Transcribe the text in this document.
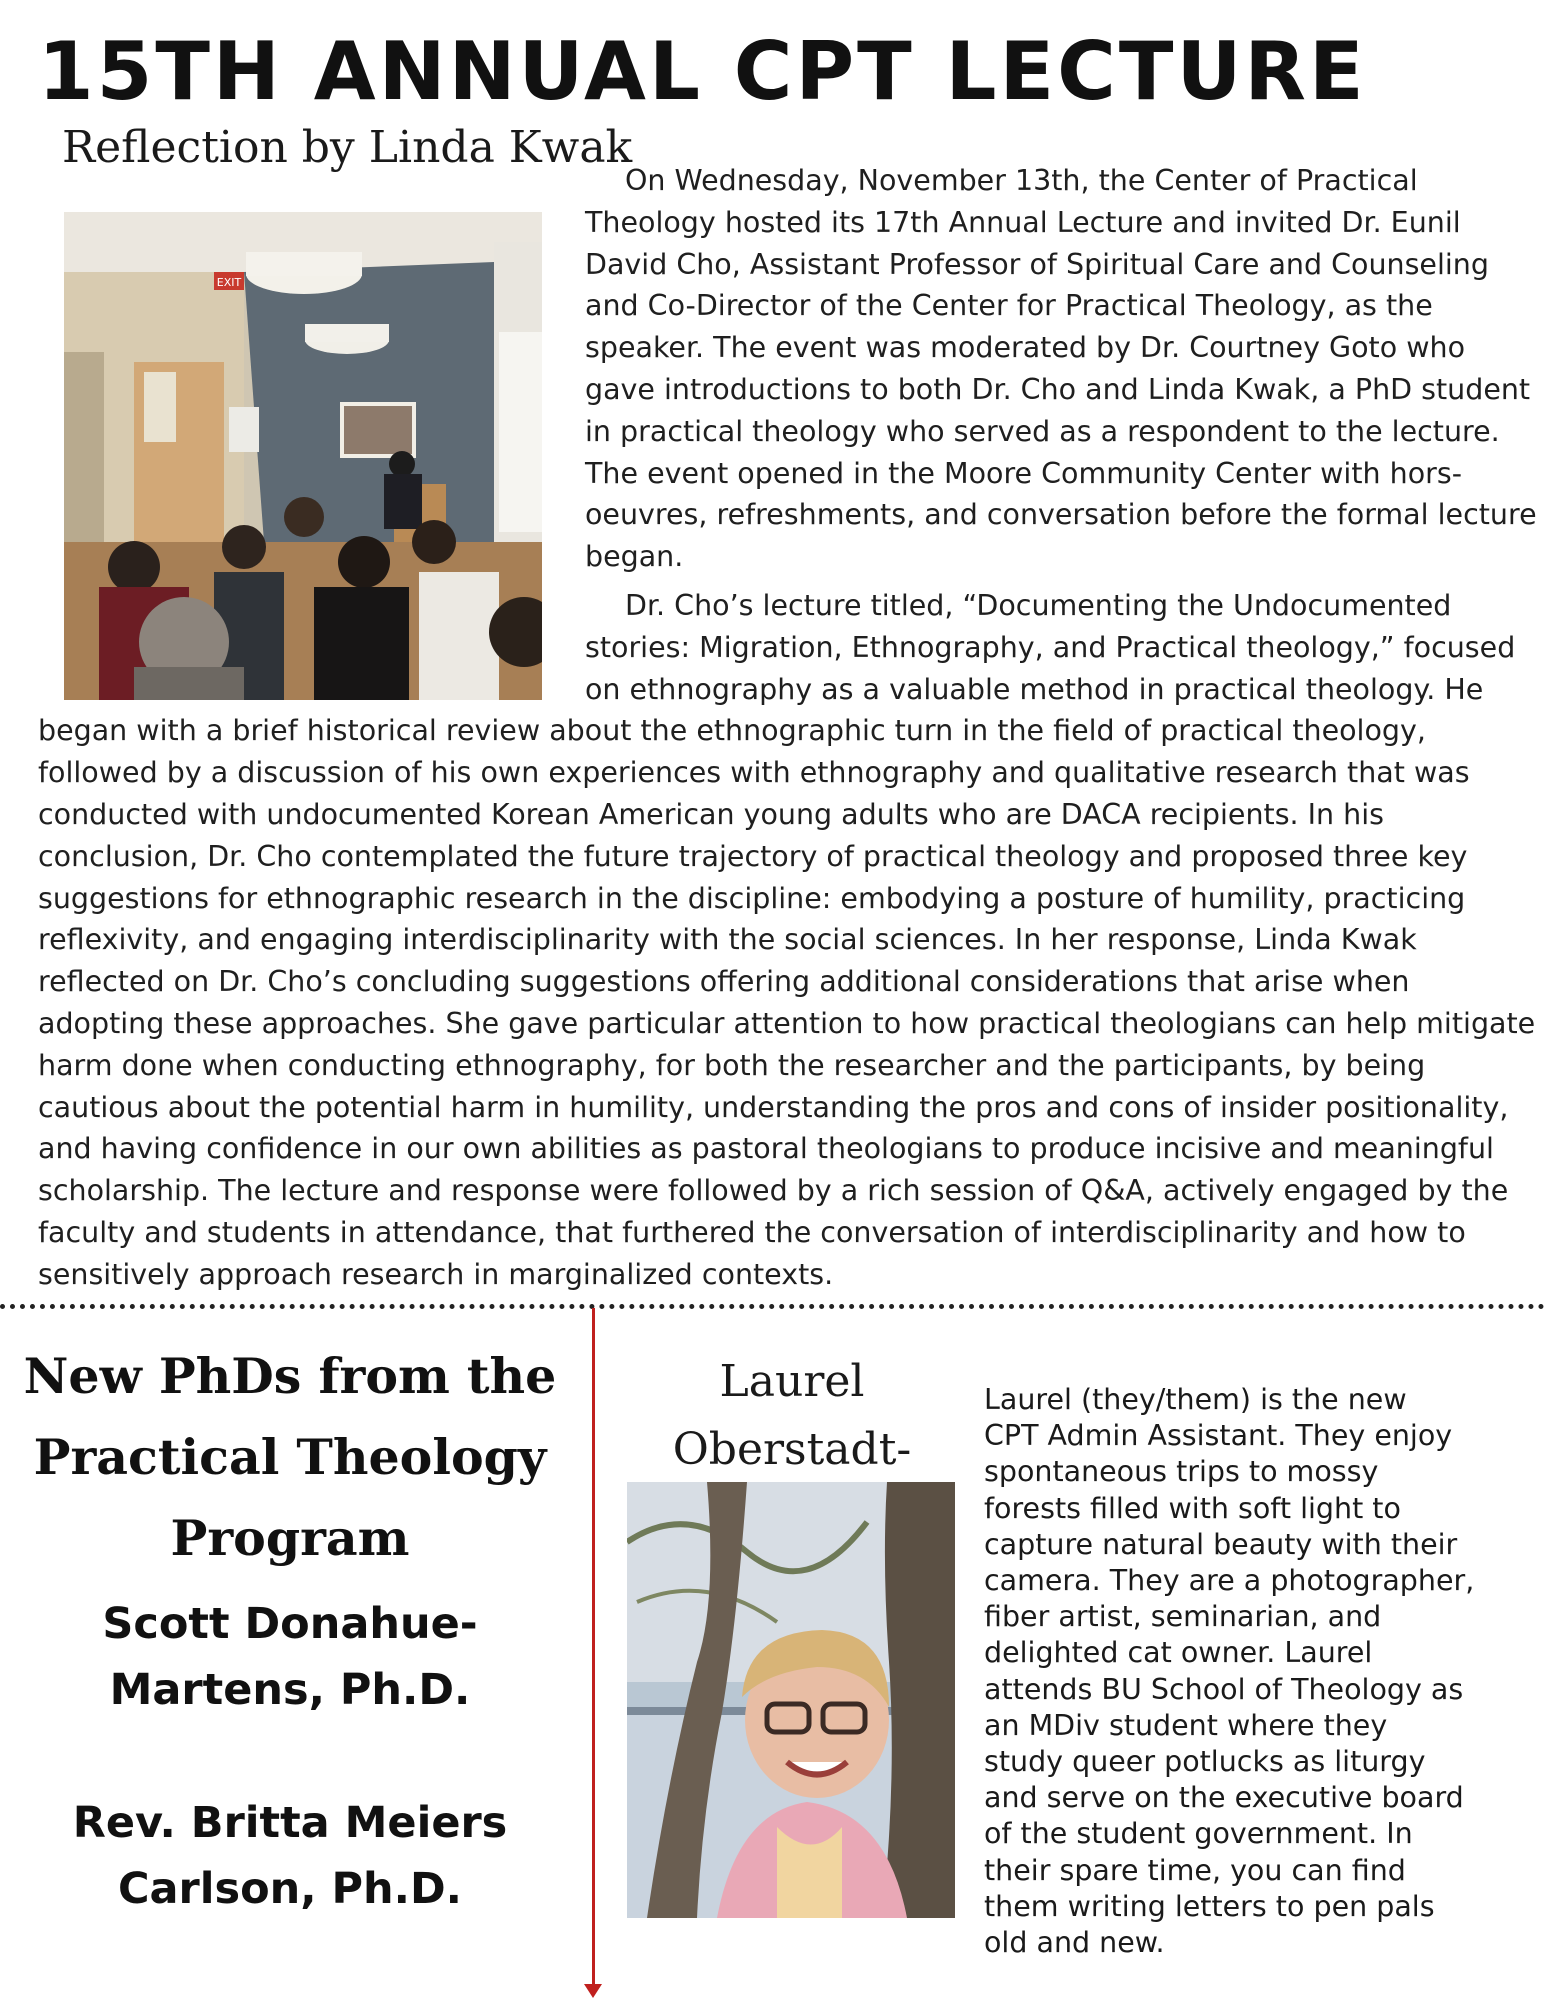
15TH ANNUAL CPT LECTURE
Reflection by Linda Kwak
EXIT

On Wednesday, November 13th, the Center of Practical Theology hosted its 17th Annual Lecture and invited Dr. Eunil David Cho, Assistant Professor of Spiritual Care and Counseling and Co-Director of the Center for Practical Theology, as the speaker. The event was moderated by Dr. Courtney Goto who gave introductions to both Dr. Cho and Linda Kwak, a PhD student in practical theology who served as a respondent to the lecture. The event opened in the Moore Community Center with hors-oeuvres, refreshments, and conversation before the formal lecture began.

Dr. Cho’s lecture titled, “Documenting the Undocumented stories: Migration, Ethnography, and Practical theology,” focused on ethnography as a valuable method in practical theology. He began with a brief historical review about the ethnographic turn in the field of practical theology, followed by a discussion of his own experiences with ethnography and qualitative research that was conducted with undocumented Korean American young adults who are DACA recipients. In his conclusion, Dr. Cho contemplated the future trajectory of practical theology and proposed three key suggestions for ethnographic research in the discipline: embodying a posture of humility, practicing reflexivity, and engaging interdisciplinarity with the social sciences. In her response, Linda Kwak reflected on Dr. Cho’s concluding suggestions offering additional considerations that arise when adopting these approaches. She gave particular attention to how practical theologians can help mitigate harm done when conducting ethnography, for both the researcher and the participants, by being cautious about the potential harm in humility, understanding the pros and cons of insider positionality, and having confidence in our own abilities as pastoral theologians to produce incisive and meaningful scholarship. The lecture and response were followed by a rich session of Q&A, actively engaged by the faculty and students in attendance, that furthered the conversation of interdisciplinarity and how to sensitively approach research in marginalized contexts.

New PhDs from the
Practical Theology
Program
Scott Donahue-
Martens, Ph.D.
Rev. Britta Meiers
Carlson, Ph.D.
Laurel
Oberstadt-
Laurel (they/them) is the new
CPT Admin Assistant. They enjoy
spontaneous trips to mossy
forests filled with soft light to
capture natural beauty with their
camera. They are a photographer,
fiber artist, seminarian, and
delighted cat owner. Laurel
attends BU School of Theology as
an MDiv student where they
study queer potlucks as liturgy
and serve on the executive board
of the student government. In
their spare time, you can find
them writing letters to pen pals
old and new.
